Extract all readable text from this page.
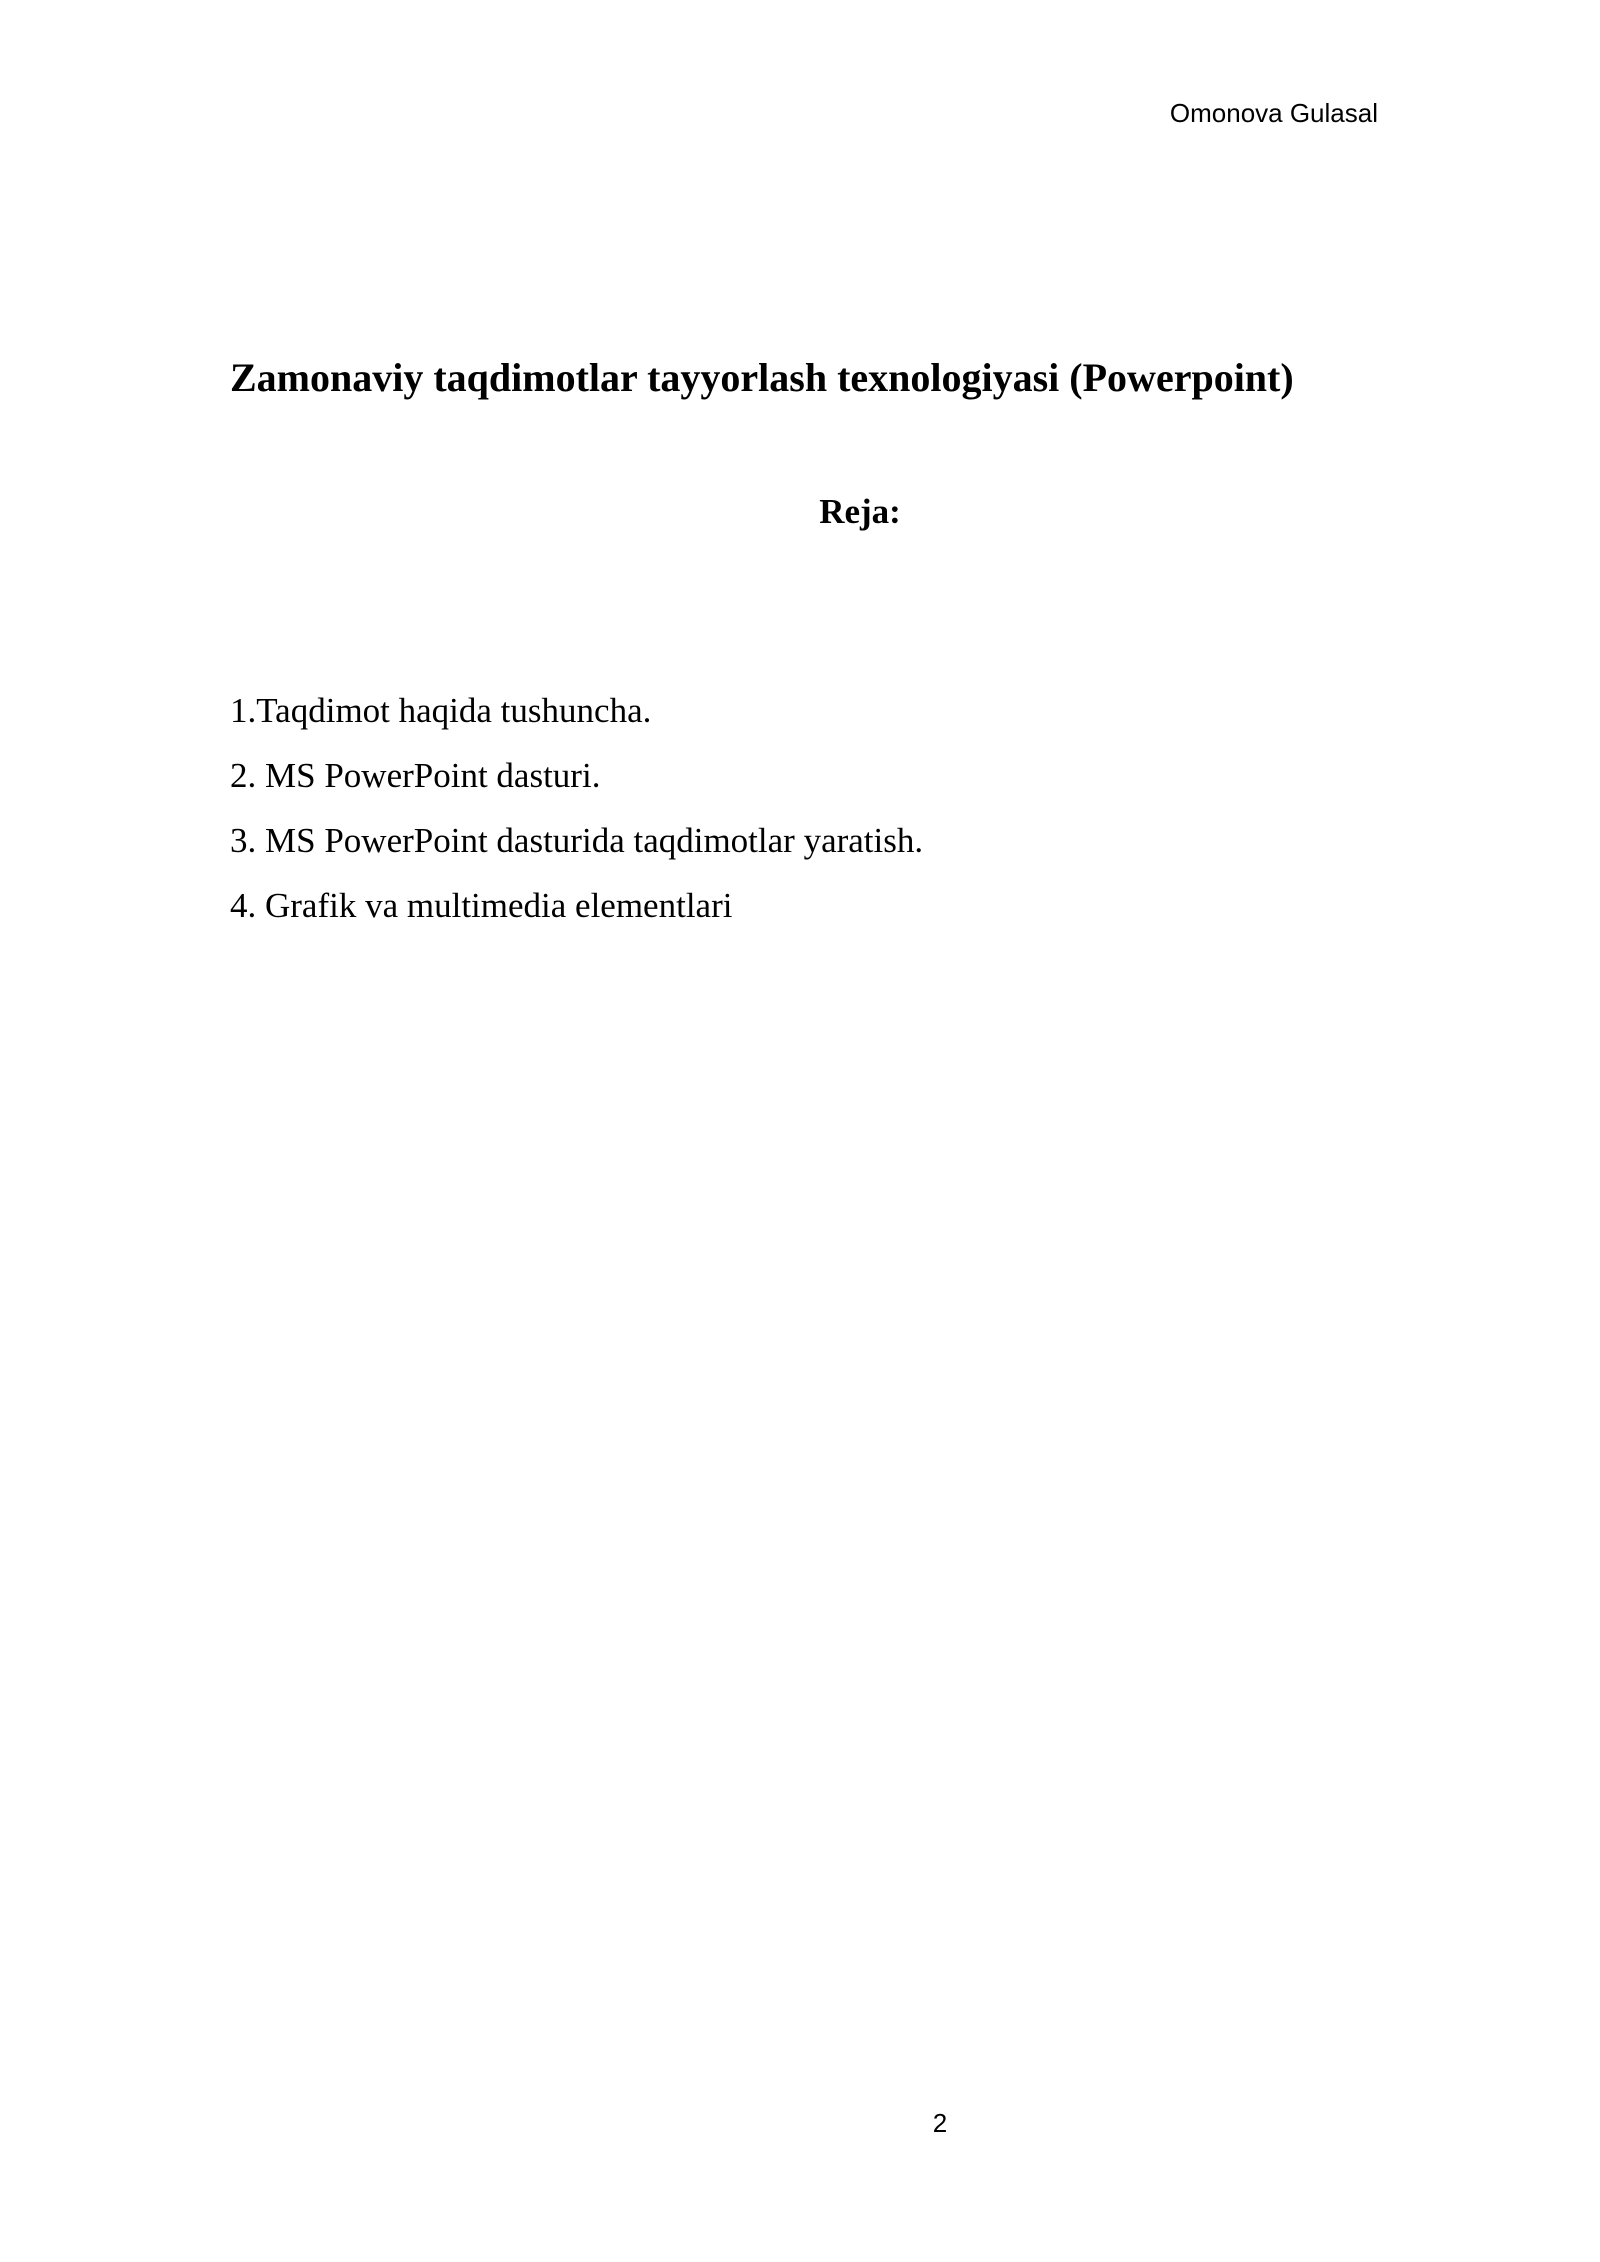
Omonova Gulasal
Zamonaviy taqdimotlar tayyorlash texnologiyasi (Powerpoint)
Reja:
1.Taqdimot haqida tushuncha.
2. MS PowerPoint dasturi.
3. MS PowerPoint dasturida taqdimotlar yaratish.
4. Grafik va multimedia elementlari
2
